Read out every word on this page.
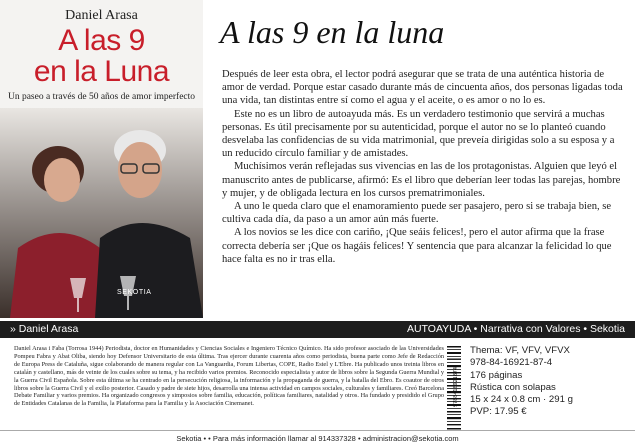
Daniel Arasa
A las 9
en la Luna
Un paseo a través de 50 años de amor imperfecto
SEKOTIA
A las 9 en la luna

Después de leer esta obra, el lector podrá asegurar que se trata de una auténtica historia de amor de verdad. Porque estar casado durante más de cincuenta años, dos personas ligadas toda una vida, tan distintas entre sí como el agua y el aceite, o es amor o no lo es.

Este no es un libro de autoayuda más. Es un verdadero testimonio que servirá a muchas personas. Es útil precisamente por su autenticidad, porque el autor no se lo planteó cuando desvelaba las confidencias de su vida matrimonial, que preveía dirigidas solo a su esposa y a un reducido círculo familiar y de amistades.

Muchísimos verán reflejadas sus vivencias en las de los protagonistas. Alguien que leyó el manuscrito antes de publicarse, afirmó: Es el libro que deberían leer todas las parejas, hombre y mujer, y de obligada lectura en los cursos prematrimoniales.

A uno le queda claro que el enamoramiento puede ser pasajero, pero si se trabaja bien, se cultiva cada día, da paso a un amor aún más fuerte.

A los novios se les dice con cariño, ¡Que seáis felices!, pero el autor afirma que la frase correcta debería ser ¡Que os hagáis felices! Y sentencia que para alcanzar la felicidad lo que hace falta es no ir tras ella.

» Daniel Arasa	AUTOAYUDA • Narrativa con Valores • Sekotia
Daniel Arasa i Faba (Torrosa 1944) Periodista, doctor en Humanidades y Ciencias Sociales e Ingeniero Técnico Químico. Ha sido profesor asociado de las Universidades Pompeu Fabra y Abat Oliba, siendo hoy Defensor Universitario de esta última. Tras ejercer durante cuarenta años como periodista, buena parte como Jefe de Redacción de Europa Press de Cataluña, sigue colaborando de manera regular con La Vanguardia, Forum Libertas, COPE, Radio Estel y L'Ebre. Ha publicado unos treinta libros en catalán y castellano, más de veinte de los cuales sobre su tema, y ha recibido varios premios. Reconocido especialista y autor de libros sobre la Segunda Guerra Mundial y la Guerra Civil Española. Sobre esta última se ha centrado en la persecución religiosa, la información y la propaganda de guerra, y la batalla del Ebro. Es coautor de otros libros sobre la Guerra Civil y el exilio posterior. Casado y padre de siete hijos, desarrolla una intensa actividad en campos sociales, culturales y familiares. Creó Barcelona Debate Familiar y varios premios. Ha organizado congresos y simposios sobre familia, educación, políticas familiares, natalidad y otros. Ha fundado y presidido el Grupo de Entidades Catalanas de la Familia, la Plataforma para la Familia y la Asociación Cinemanet.	9788416921874
Thema: VF, VFV, VFVX
978-84-16921-87-4
176 páginas
Rústica con solapas
15 x 24 x 0.8 cm · 291 g
PVP: 17.95 €
Sekotia • • Para más información llamar al 914337328 • administracion@sekotia.com
